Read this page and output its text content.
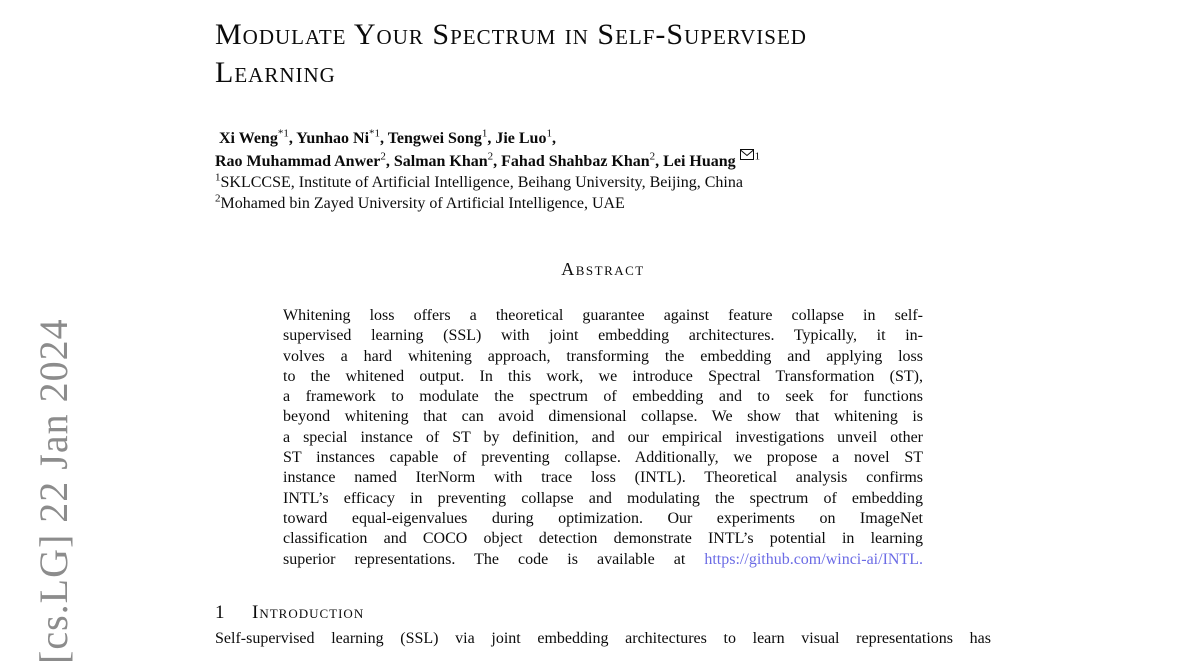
[cs.LG] 22 Jan 2024
Modulate Your Spectrum in Self-Supervised
Learning
Xi Weng$^{*1}$, Yunhao Ni$^{*1}$, Tengwei Song$^1$, Jie Luo$^1$,
Rao Muhammad Anwer$^2$, Salman Khan$^2$, Fahad Shahbaz Khan$^2$, Lei Huang $^1$
$^1$SKLCCSE, Institute of Artificial Intelligence, Beihang University, Beijing, China
$^2$Mohamed bin Zayed University of Artificial Intelligence, UAE
Abstract
Whitening loss offers a theoretical guarantee against feature collapse in self-
supervised learning (SSL) with joint embedding architectures. Typically, it in-
volves a hard whitening approach, transforming the embedding and applying loss
to the whitened output. In this work, we introduce Spectral Transformation (ST),
a framework to modulate the spectrum of embedding and to seek for functions
beyond whitening that can avoid dimensional collapse. We show that whitening is
a special instance of ST by definition, and our empirical investigations unveil other
ST instances capable of preventing collapse. Additionally, we propose a novel ST
instance named IterNorm with trace loss (INTL). Theoretical analysis confirms
INTL’s efficacy in preventing collapse and modulating the spectrum of embedding
toward equal-eigenvalues during optimization. Our experiments on ImageNet
classification and COCO object detection demonstrate INTL’s potential in learning
superior representations. The code is available at https://github.com/winci-ai/INTL.
1	Introduction
Self-supervised learning (SSL) via joint embedding architectures to learn visual representations has
